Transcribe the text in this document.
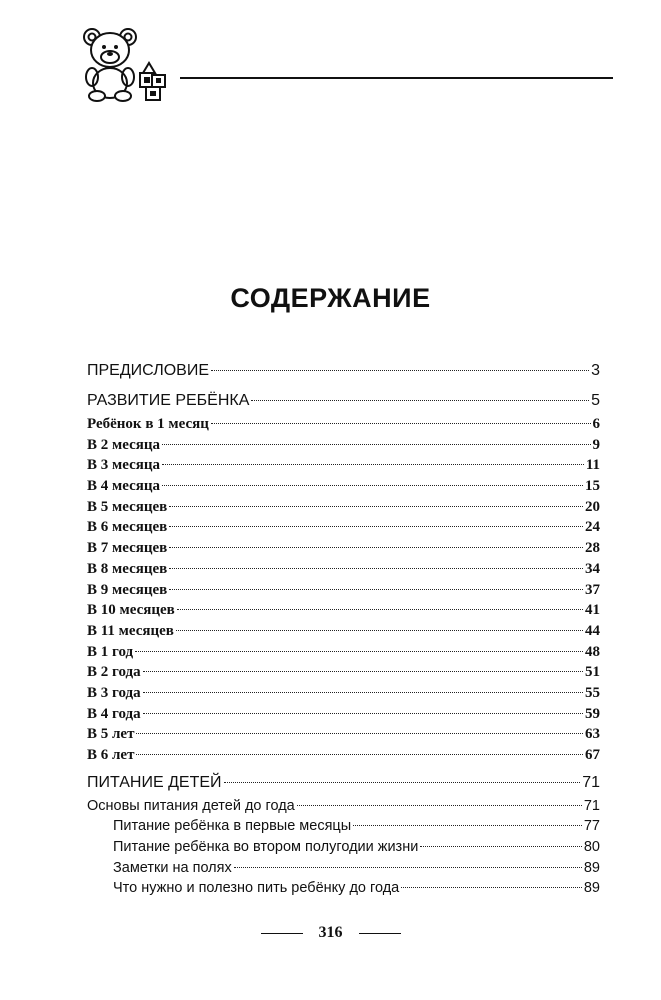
СОДЕРЖАНИЕ
ПРЕДИСЛОВИЕ	3
РАЗВИТИЕ РЕБЁНКА	5
Ребёнок в 1 месяц	6
В 2 месяца	9
В 3 месяца	11
В 4 месяца	15
В 5 месяцев	20
В 6 месяцев	24
В 7 месяцев	28
В 8 месяцев	34
В 9 месяцев	37
В 10 месяцев	41
В 11 месяцев	44
В 1 год	48
В 2 года	51
В 3 года	55
В 4 года	59
В 5 лет	63
В 6 лет	67
ПИТАНИЕ ДЕТЕЙ	71
Основы питания детей до года	71
Питание ребёнка в первые месяцы	77
Питание ребёнка во втором полугодии жизни	80
Заметки на полях	89
Что нужно и полезно пить ребёнку до года	89
316
